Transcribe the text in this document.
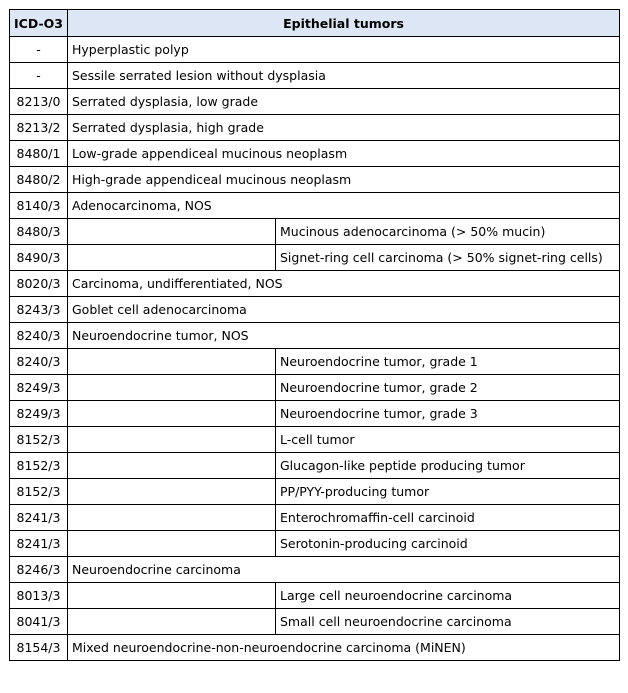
ICD-O3	Epithelial tumors	
-	Hyperplastic polyp	
-	Sessile serrated lesion without dysplasia	
8213/0	Serrated dysplasia, low grade	
8213/2	Serrated dysplasia, high grade	
8480/1	Low-grade appendiceal mucinous neoplasm	
8480/2	High-grade appendiceal mucinous neoplasm	
8140/3	Adenocarcinoma, NOS	
8480/3		Mucinous adenocarcinoma (> 50% mucin)
8490/3		Signet-ring cell carcinoma (> 50% signet-ring cells)
8020/3	Carcinoma, undifferentiated, NOS	
8243/3	Goblet cell adenocarcinoma	
8240/3	Neuroendocrine tumor, NOS	
8240/3		Neuroendocrine tumor, grade 1
8249/3		Neuroendocrine tumor, grade 2
8249/3		Neuroendocrine tumor, grade 3
8152/3		L-cell tumor
8152/3		Glucagon-like peptide producing tumor
8152/3		PP/PYY-producing tumor
8241/3		Enterochromaffin-cell carcinoid
8241/3		Serotonin-producing carcinoid
8246/3	Neuroendocrine carcinoma	
8013/3		Large cell neuroendocrine carcinoma
8041/3		Small cell neuroendocrine carcinoma
8154/3	Mixed neuroendocrine-non-neuroendocrine carcinoma (MiNEN)	
